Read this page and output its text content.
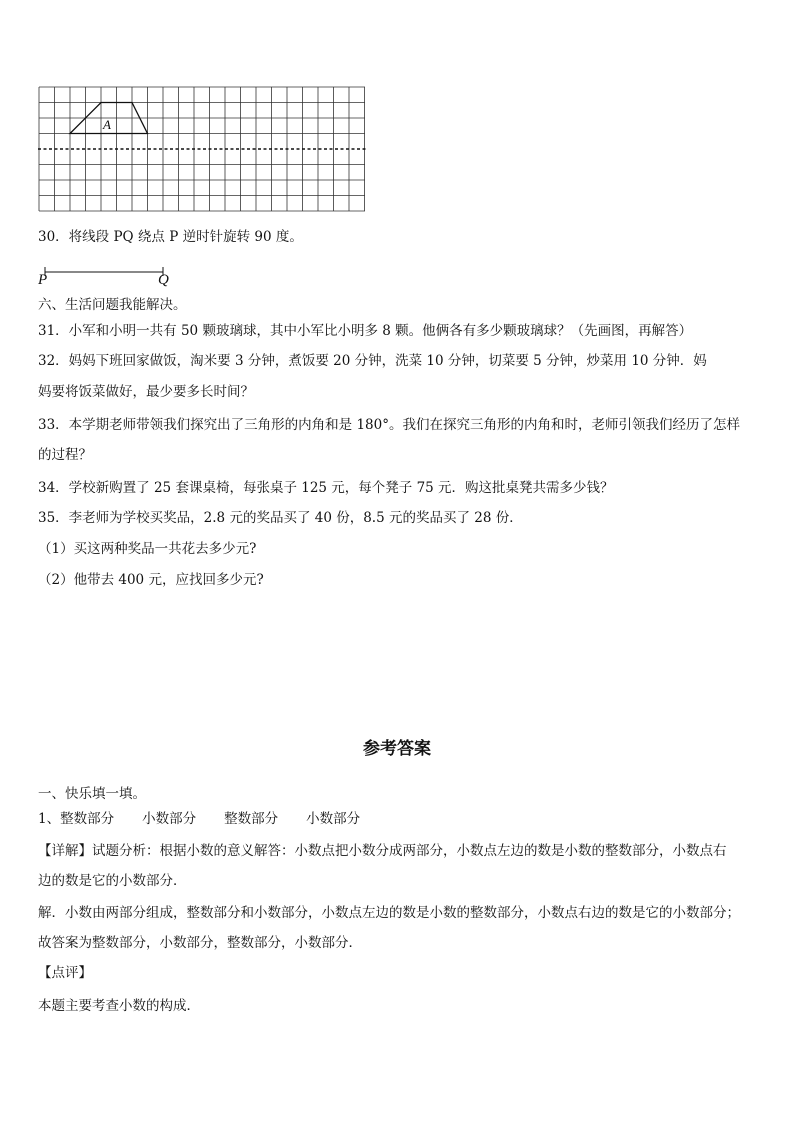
A
30．将线段 PQ 绕点 P 逆时针旋转 90 度。
P	Q
六、生活问题我能解决。
31．小军和小明一共有 50 颗玻璃球，其中小军比小明多 8 颗。他俩各有多少颗玻璃球？（先画图，再解答）
32．妈妈下班回家做饭，淘米要 3 分钟，煮饭要 20 分钟，洗菜 10 分钟，切菜要 5 分钟，炒菜用 10 分钟．妈
妈要将饭菜做好，最少要多长时间？
33．本学期老师带领我们探究出了三角形的内角和是 180°。我们在探究三角形的内角和时，老师引领我们经历了怎样
的过程？
34．学校新购置了 25 套课桌椅，每张桌子 125 元，每个凳子 75 元．购这批桌凳共需多少钱？
35．李老师为学校买奖品，2.8 元的奖品买了 40 份，8.5 元的奖品买了 28 份．
（1）买这两种奖品一共花去多少元?
（2）他带去 400 元，应找回多少元?
参考答案
一、快乐填一填。
1、整数部分 小数部分 整数部分 小数部分
【详解】试题分析：根据小数的意义解答：小数点把小数分成两部分，小数点左边的数是小数的整数部分，小数点右
边的数是它的小数部分．
解．小数由两部分组成，整数部分和小数部分，小数点左边的数是小数的整数部分，小数点右边的数是它的小数部分；
故答案为整数部分，小数部分，整数部分，小数部分．
【点评】
本题主要考查小数的构成．
